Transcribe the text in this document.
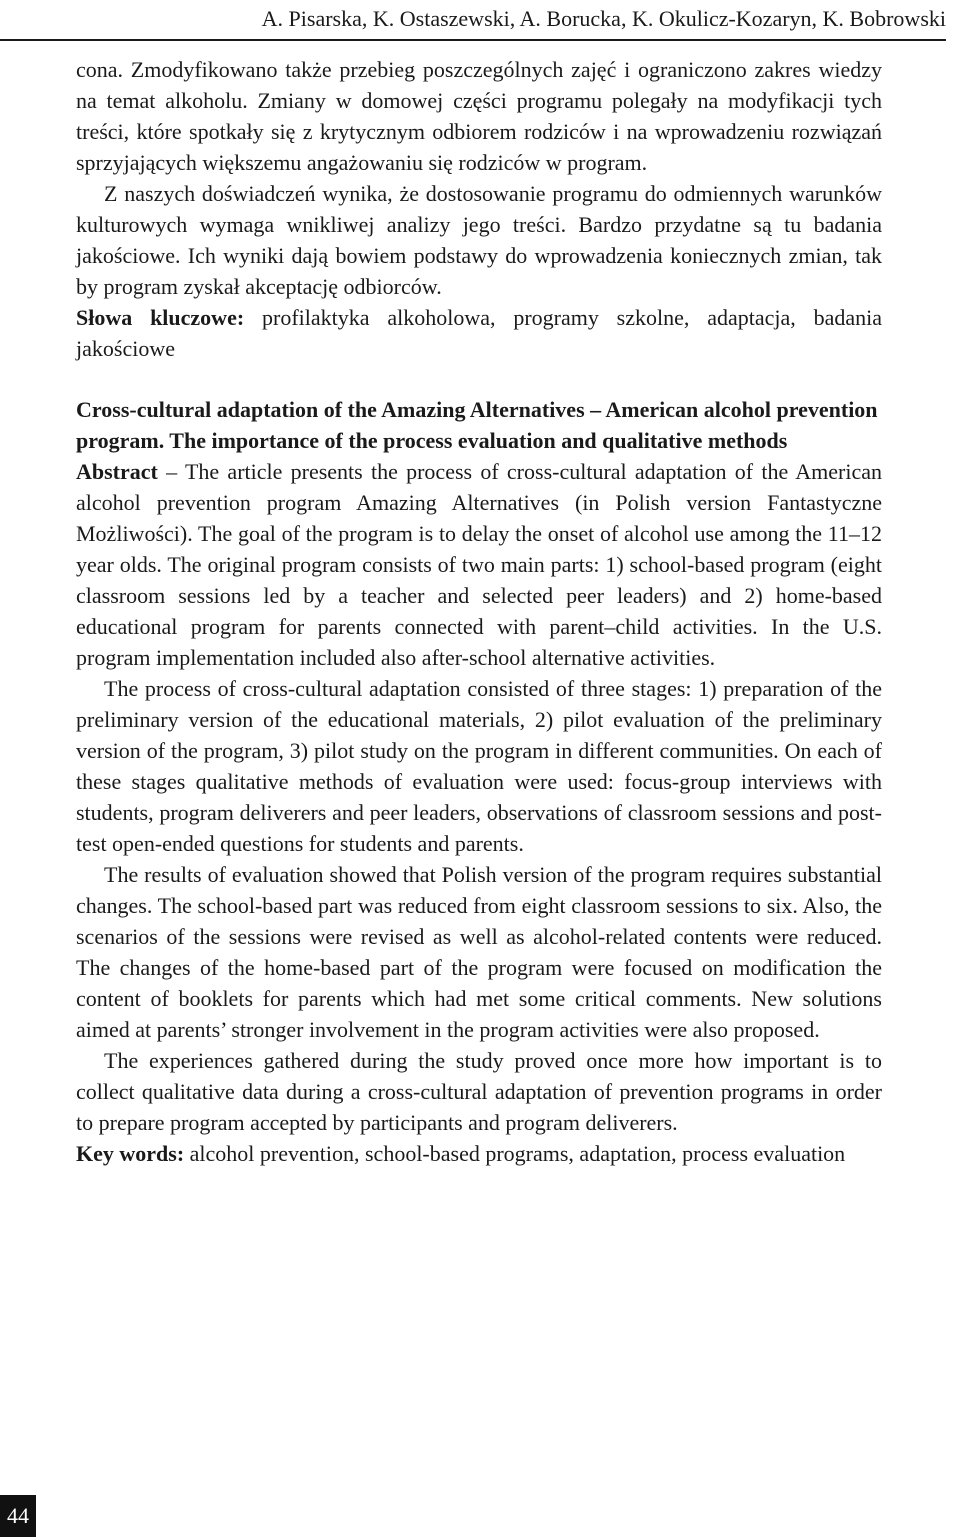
A. Pisarska, K. Ostaszewski, A. Borucka, K. Okulicz-Kozaryn, K. Bobrowski

cona. Zmodyfikowano także przebieg poszczególnych zajęć i ograniczono zakres wiedzy na temat alkoholu. Zmiany w domowej części programu polegały na modyfikacji tych treści, które spotkały się z krytycznym odbiorem rodziców i na wprowadzeniu rozwiązań sprzyjających większemu angażowaniu się rodziców w program.

Z naszych doświadczeń wynika, że dostosowanie programu do odmiennych warunków kulturowych wymaga wnikliwej analizy jego treści. Bardzo przydatne są tu badania jakościowe. Ich wyniki dają bowiem podstawy do wprowadzenia koniecznych zmian, tak by program zyskał akceptację odbiorców.

Słowa kluczowe: profilaktyka alkoholowa, programy szkolne, adaptacja, badania jakościowe

Cross-cultural adaptation of the Amazing Alternatives – American alcohol prevention program. The importance of the process evaluation and qualitative methods

Abstract – The article presents the process of cross-cultural adaptation of the American alcohol prevention program Amazing Alternatives (in Polish version Fantastyczne Możliwości). The goal of the program is to delay the onset of alcohol use among the 11–12 year olds. The original program consists of two main parts: 1) school-based program (eight classroom sessions led by a teacher and selected peer leaders) and 2) home-based educational program for parents connected with parent–child activities. In the U.S. program implementation included also after-school alternative activities.

The process of cross-cultural adaptation consisted of three stages: 1) preparation of the preliminary version of the educational materials, 2) pilot evaluation of the preliminary version of the program, 3) pilot study on the program in different communities. On each of these stages qualitative methods of evaluation were used: focus-group interviews with students, program deliverers and peer leaders, observations of classroom sessions and post-test open-ended questions for students and parents.

The results of evaluation showed that Polish version of the program requires substantial changes. The school-based part was reduced from eight classroom sessions to six. Also, the scenarios of the sessions were revised as well as alcohol-related contents were reduced. The changes of the home-based part of the program were focused on modification the content of booklets for parents which had met some critical comments. New solutions aimed at parents’ stronger involvement in the program activities were also proposed.

The experiences gathered during the study proved once more how important is to collect qualitative data during a cross-cultural adaptation of prevention programs in order to prepare program accepted by participants and program deliverers.

Key words: alcohol prevention, school-based programs, adaptation, process evaluation

44
